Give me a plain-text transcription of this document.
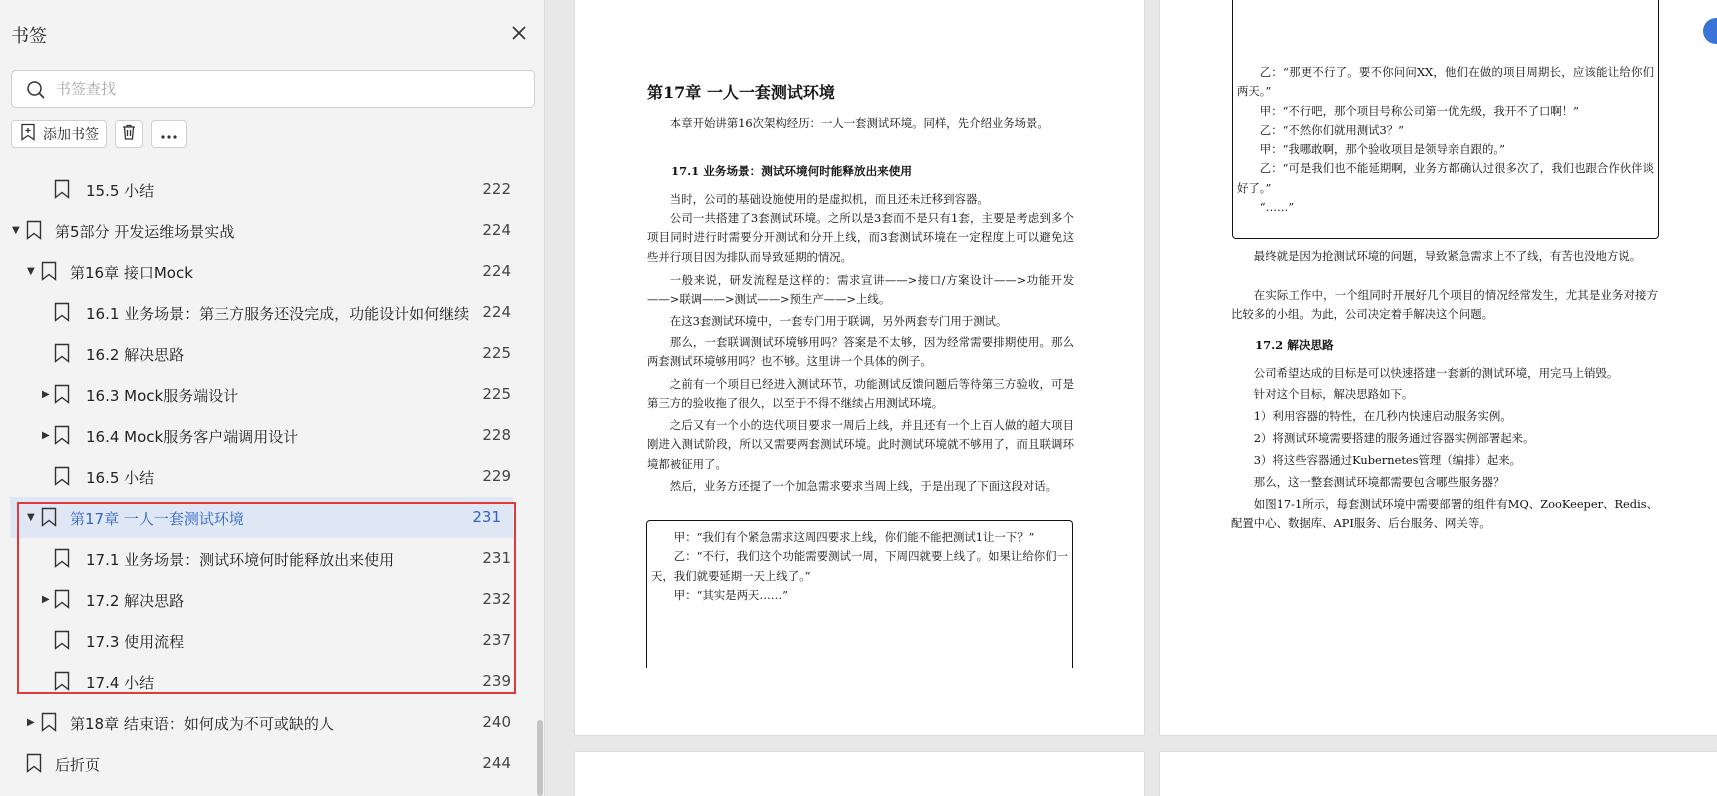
书签
书签查找
添加书签
15.5 小结	222
▼ 第5部分 开发运维场景实战	224
▼ 第16章 接口Mock	224
16.1 业务场景：第三方服务还没完成，功能设计如何继续 224
16.2 解决思路	225
▶ 16.3 Mock服务端设计	225
▶ 16.4 Mock服务客户端调用设计	228
16.5 小结	229
▼ 第17章 一人一套测试环境	231
17.1 业务场景：测试环境何时能释放出来使用	231
▶ 17.2 解决思路	232
17.3 使用流程	237
17.4 小结	239
▶ 第18章 结束语：如何成为不可或缺的人	240
后折页	244
第17章 一人一套测试环境
本章开始讲第16次架构经历：一人一套测试环境。同样，先介绍业务场景。
17.1 业务场景：测试环境何时能释放出来使用
当时，公司的基础设施使用的是虚拟机，而且还未迁移到容器。
公司一共搭建了3套测试环境。之所以是3套而不是只有1套，主要是考虑到多个项目同时进行时需要分开测试和分开上线，而3套测试环境在一定程度上可以避免这些并行项目因为排队而导致延期的情况。
一般来说，研发流程是这样的：需求宣讲——>接口/方案设计——>功能开发——>联调——>测试——>预生产——>上线。
在这3套测试环境中，一套专门用于联调，另外两套专门用于测试。
那么，一套联调测试环境够用吗？答案是不太够，因为经常需要排期使用。那么两套测试环境够用吗？也不够。这里讲一个具体的例子。
之前有一个项目已经进入测试环节，功能测试反馈问题后等待第三方验收，可是第三方的验收拖了很久，以至于不得不继续占用测试环境。
之后又有一个小的迭代项目要求一周后上线，并且还有一个上百人做的超大项目刚进入测试阶段，所以又需要两套测试环境。此时测试环境就不够用了，而且联调环境都被征用了。
然后，业务方还提了一个加急需求要求当周上线，于是出现了下面这段对话。

甲：“我们有个紧急需求这周四要求上线，你们能不能把测试1让一下？”

乙：“不行，我们这个功能需要测试一周，下周四就要上线了。如果让给你们一天，我们就要延期一天上线了。”

甲：“其实是两天……”

乙：“那更不行了。要不你问问XX，他们在做的项目周期长，应该能让给你们两天。”

甲：“不行吧，那个项目号称公司第一优先级，我开不了口啊！”

乙：“不然你们就用测试3？”

甲：“我哪敢啊，那个验收项目是领导亲自跟的。”

乙：“可是我们也不能延期啊，业务方都确认过很多次了，我们也跟合作伙伴谈好了。”

“……”

最终就是因为抢测试环境的问题，导致紧急需求上不了线，有苦也没地方说。
在实际工作中，一个组同时开展好几个项目的情况经常发生，尤其是业务对接方比较多的小组。为此，公司决定着手解决这个问题。
17.2 解决思路
公司希望达成的目标是可以快速搭建一套新的测试环境，用完马上销毁。
针对这个目标，解决思路如下。
1）利用容器的特性，在几秒内快速启动服务实例。
2）将测试环境需要搭建的服务通过容器实例部署起来。
3）将这些容器通过Kubernetes管理（编排）起来。
那么，这一整套测试环境都需要包含哪些服务器？
如图17-1所示，每套测试环境中需要部署的组件有MQ、ZooKeeper、Redis、配置中心、数据库、API服务、后台服务、网关等。
